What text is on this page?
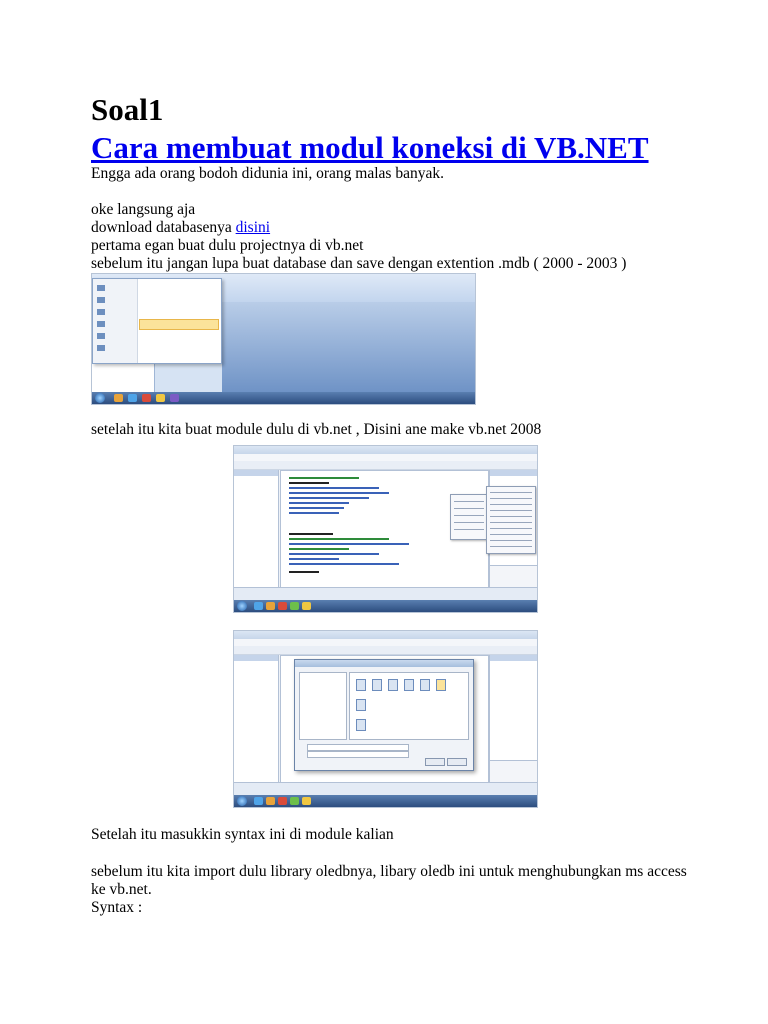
Soal1
Cara membuat modul koneksi di VB.NET
Engga ada orang bodoh didunia ini, orang malas banyak.
oke langsung aja
download databasenya disini
pertama egan buat dulu projectnya di vb.net
sebelum itu jangan lupa buat database dan save dengan extention .mdb ( 2000 - 2003 )
setelah itu kita buat module dulu di vb.net , Disini ane make vb.net 2008
Setelah itu masukkin syntax ini di module kalian
sebelum itu kita import dulu library oledbnya, libary oledb ini untuk menghubungkan ms access
ke vb.net.
Syntax :
